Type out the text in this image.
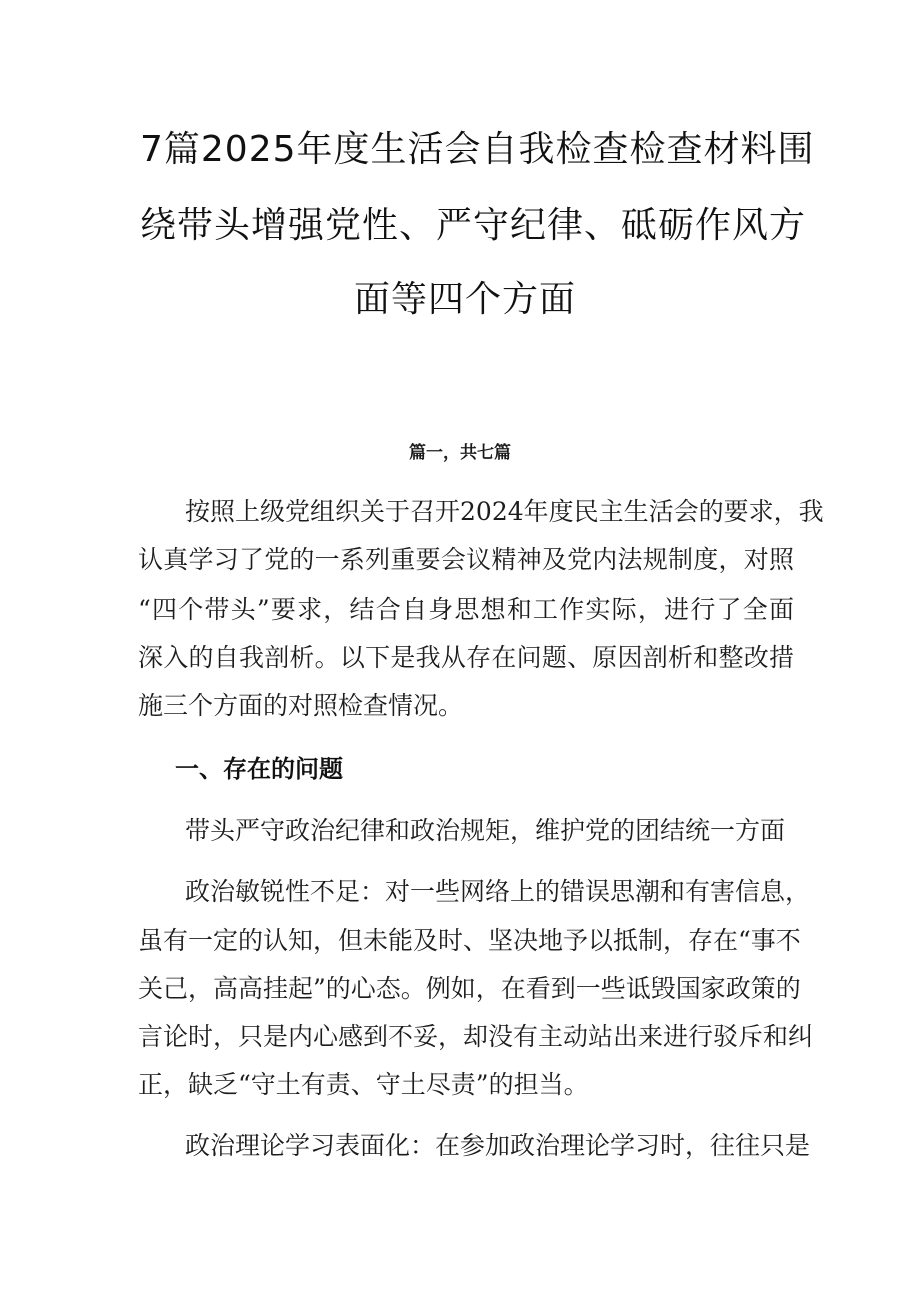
7篇2025年度生活会自我检查检查材料围
绕带头增强党性、严守纪律、砥砺作风方
面等四个方面
篇一，共七篇
按照上级党组织关于召开2024年度民主生活会的要求，我
认真学习了党的一系列重要会议精神及党内法规制度，对照
“四个带头”要求，结合自身思想和工作实际，进行了全面
深入的自我剖析。以下是我从存在问题、原因剖析和整改措
施三个方面的对照检查情况。
一、存在的问题
带头严守政治纪律和政治规矩，维护党的团结统一方面
政治敏锐性不足：对一些网络上的错误思潮和有害信息，
虽有一定的认知，但未能及时、坚决地予以抵制，存在“事不
关己，高高挂起”的心态。例如，在看到一些诋毁国家政策的
言论时，只是内心感到不妥，却没有主动站出来进行驳斥和纠
正，缺乏“守土有责、守土尽责”的担当。
政治理论学习表面化：在参加政治理论学习时，往往只是
